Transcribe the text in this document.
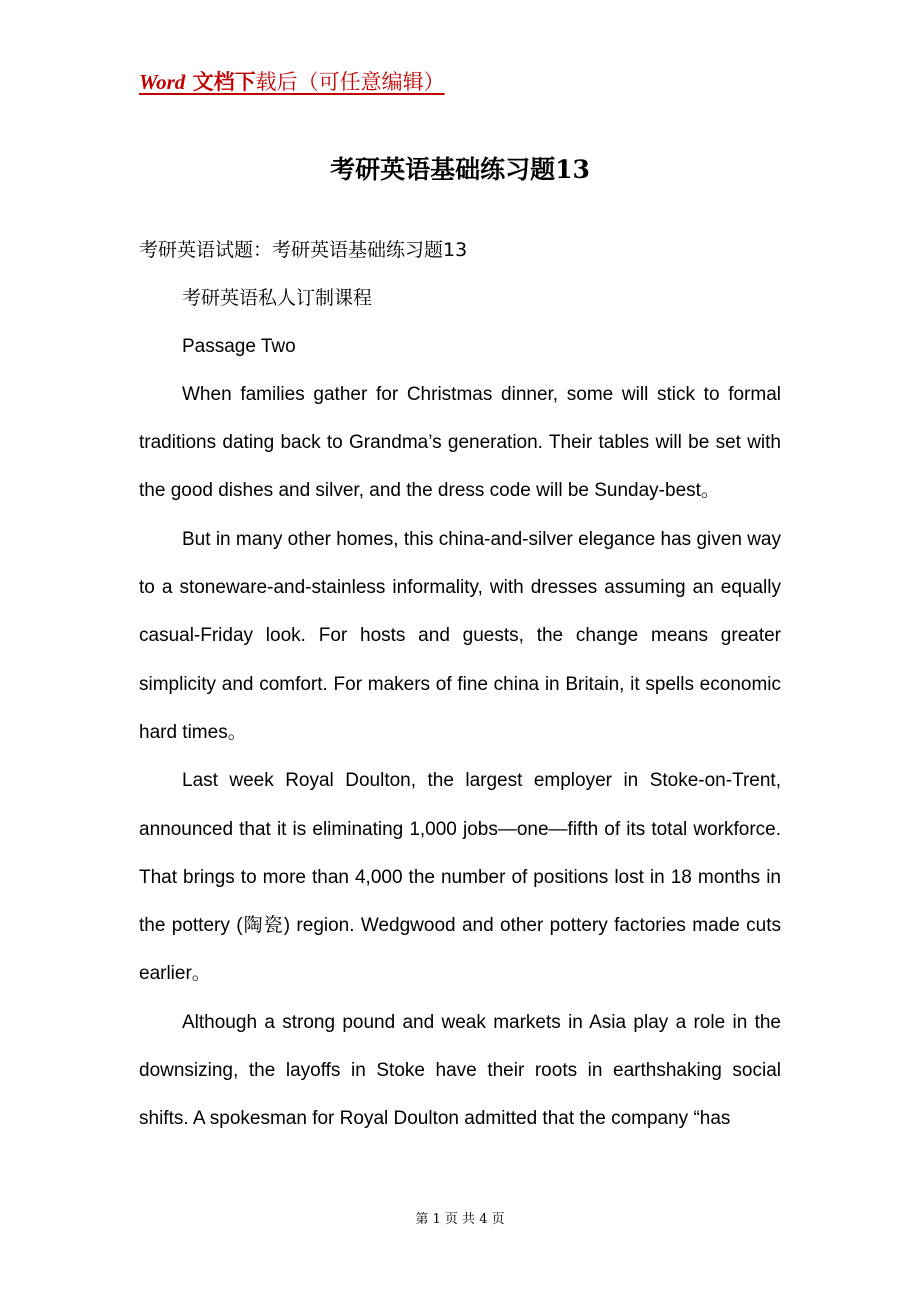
Word 文档下载后（可任意编辑）
考研英语基础练习题13

考研英语试题：考研英语基础练习题13

考研英语私人订制课程

Passage Two

When families gather for Christmas dinner, some will stick to formal traditions dating back to Grandma’s generation. Their tables will be set with the good dishes and silver, and the dress code will be Sunday-best。

But in many other homes, this china-and-silver elegance has given way to a stoneware-and-stainless informality, with dresses assuming an equally casual-Friday look. For hosts and guests, the change means greater simplicity and comfort. For makers of fine china in Britain, it spells economic hard times。

Last week Royal Doulton, the largest employer in Stoke-on-Trent, announced that it is eliminating 1,000 jobs—one—fifth of its total workforce. That brings to more than 4,000 the number of positions lost in 18 months in the pottery (陶瓷) region. Wedgwood and other pottery factories made cuts earlier。

Although a strong pound and weak markets in Asia play a role in the downsizing, the layoffs in Stoke have their roots in earthshaking social shifts. A spokesman for Royal Doulton admitted that the company “has

第 1 页 共 4 页
